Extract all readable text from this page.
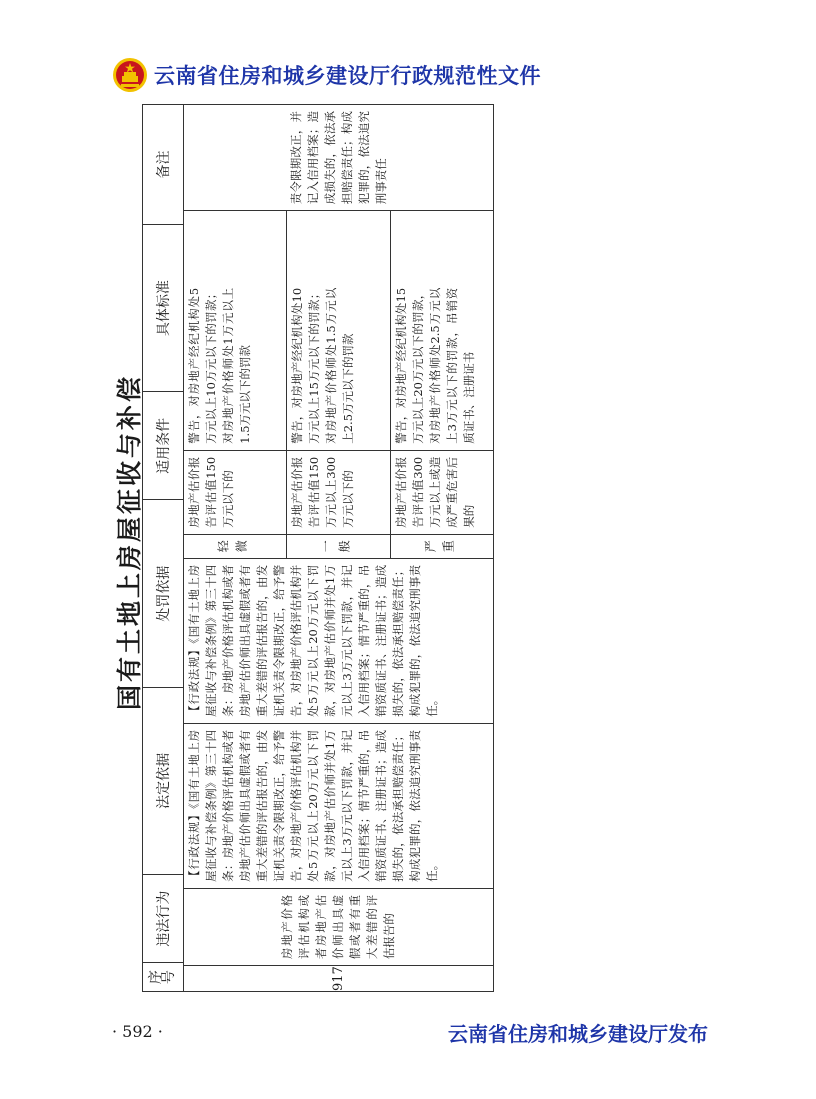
云南省住房和城乡建设厅行政规范性文件
国有土地上房屋征收与补偿
序号
违法行为
法定依据
处罚依据
适用条件
具体标准
备注
917
房地产价格评估机构或者房地产估价师出具虚假或者有重大差错的评估报告的
【行政法规】《国有土地上房屋征收与补偿条例》第三十四条：房地产价格评估机构或者房地产估价师出具虚假或者有重大差错的评估报告的，由发证机关责令限期改正，给予警告，对房地产价格评估机构并处5万元以上20万元以下罚款，对房地产估价师并处1万元以上3万元以下罚款，并记入信用档案；情节严重的，吊销资质证书、注册证书；造成损失的，依法承担赔偿责任；构成犯罪的，依法追究刑事责任。
【行政法规】《国有土地上房屋征收与补偿条例》第三十四条：房地产价格评估机构或者房地产估价师出具虚假或者有重大差错的评估报告的，由发证机关责令限期改正，给予警告，对房地产价格评估机构并处5万元以上20万元以下罚款，对房地产估价师并处1万元以上3万元以下罚款，并记入信用档案；情节严重的，吊销资质证书、注册证书；造成损失的，依法承担赔偿责任；构成犯罪的，依法追究刑事责任。
轻微
房地产估价报告评估值150万元以下的
警告，对房地产经纪机构处5万元以上10万元以下的罚款；对房地产价格师处1万元以上1.5万元以下的罚款
一般
房地产估价报告评估值150万元以上300万元以下的
警告，对房地产经纪机构处10万元以上15万元以下的罚款；对房地产价格师处1.5万元以上2.5万元以下的罚款
严重
房地产估价报告评估值300万元以上或造成严重危害后果的
警告，对房地产经纪机构处15万元以上20万元以下的罚款，对房地产价格师处2.5万元以上3万元以下的罚款，吊销资质证书、注册证书
责令限期改正，并记入信用档案；造成损失的，依法承担赔偿责任；构成犯罪的，依法追究刑事责任
· 592 ·	云南省住房和城乡建设厅发布
